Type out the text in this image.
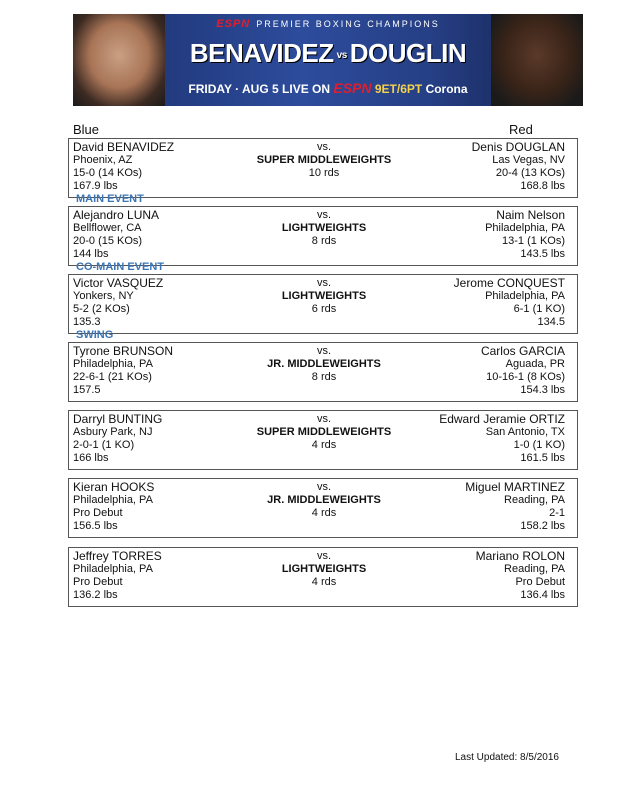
ESPN PREMIER BOXING CHAMPIONS
BENAVIDEZ vs DOUGLIN
FRIDAY · AUG 5 LIVE ON ESPN 9ET/6PT Corona
Blue	Red
David BENAVIDEZ
Phoenix, AZ
15-0 (14 KOs)
167.9 lbs
vs.
SUPER MIDDLEWEIGHTS
10 rds
Denis DOUGLAN
Las Vegas, NV
20-4 (13 KOs)
168.8 lbs
MAIN EVENT
Alejandro LUNA
Bellflower, CA
20-0 (15 KOs)
144 lbs
vs.
LIGHTWEIGHTS
8 rds
Naim Nelson
Philadelphia, PA
13-1 (1 KOs)
143.5 lbs
CO-MAIN EVENT
Victor VASQUEZ
Yonkers, NY
5-2 (2 KOs)
135.3
vs.
LIGHTWEIGHTS
6 rds
Jerome CONQUEST
Philadelphia, PA
6-1 (1 KO)
134.5
SWING
Tyrone BRUNSON
Philadelphia, PA
22-6-1 (21 KOs)
157.5
vs.
JR. MIDDLEWEIGHTS
8 rds
Carlos GARCIA
Aguada, PR
10-16-1 (8 KOs)
154.3 lbs
Darryl BUNTING
Asbury Park, NJ
2-0-1 (1 KO)
166 lbs
vs.
SUPER MIDDLEWEIGHTS
4 rds
Edward Jeramie ORTIZ
San Antonio, TX
1-0 (1 KO)
161.5 lbs
Kieran HOOKS
Philadelphia, PA
Pro Debut
156.5 lbs
vs.
JR. MIDDLEWEIGHTS
4 rds
Miguel MARTINEZ
Reading, PA
2-1
158.2 lbs
Jeffrey TORRES
Philadelphia, PA
Pro Debut
136.2 lbs
vs.
LIGHTWEIGHTS
4 rds
Mariano ROLON
Reading, PA
Pro Debut
136.4 lbs
Last Updated: 8/5/2016
